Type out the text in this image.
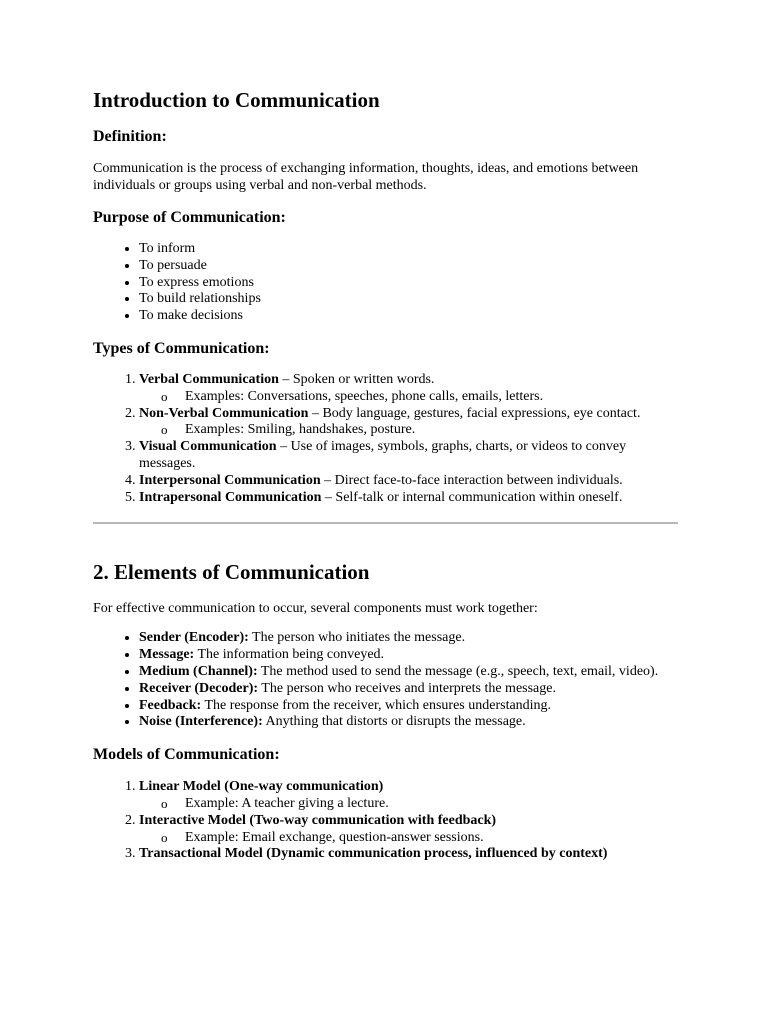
Introduction to Communication
Definition:

Communication is the process of exchanging information, thoughts, ideas, and emotions between individuals or groups using verbal and non-verbal methods.

Purpose of Communication:
• To inform
• To persuade
• To express emotions
• To build relationships
• To make decisions
Types of Communication:
1. Verbal Communication – Spoken or written words.
o Examples: Conversations, speeches, phone calls, emails, letters.
2. Non-Verbal Communication – Body language, gestures, facial expressions, eye contact.
o Examples: Smiling, handshakes, posture.
3. Visual Communication – Use of images, symbols, graphs, charts, or videos to convey messages.
4. Interpersonal Communication – Direct face-to-face interaction between individuals.
5. Intrapersonal Communication – Self-talk or internal communication within oneself.
2. Elements of Communication

For effective communication to occur, several components must work together:

• Sender (Encoder): The person who initiates the message.
• Message: The information being conveyed.
• Medium (Channel): The method used to send the message (e.g., speech, text, email, video).
• Receiver (Decoder): The person who receives and interprets the message.
• Feedback: The response from the receiver, which ensures understanding.
• Noise (Interference): Anything that distorts or disrupts the message.
Models of Communication:
1. Linear Model (One-way communication)
o Example: A teacher giving a lecture.
2. Interactive Model (Two-way communication with feedback)
o Example: Email exchange, question-answer sessions.
3. Transactional Model (Dynamic communication process, influenced by context)
